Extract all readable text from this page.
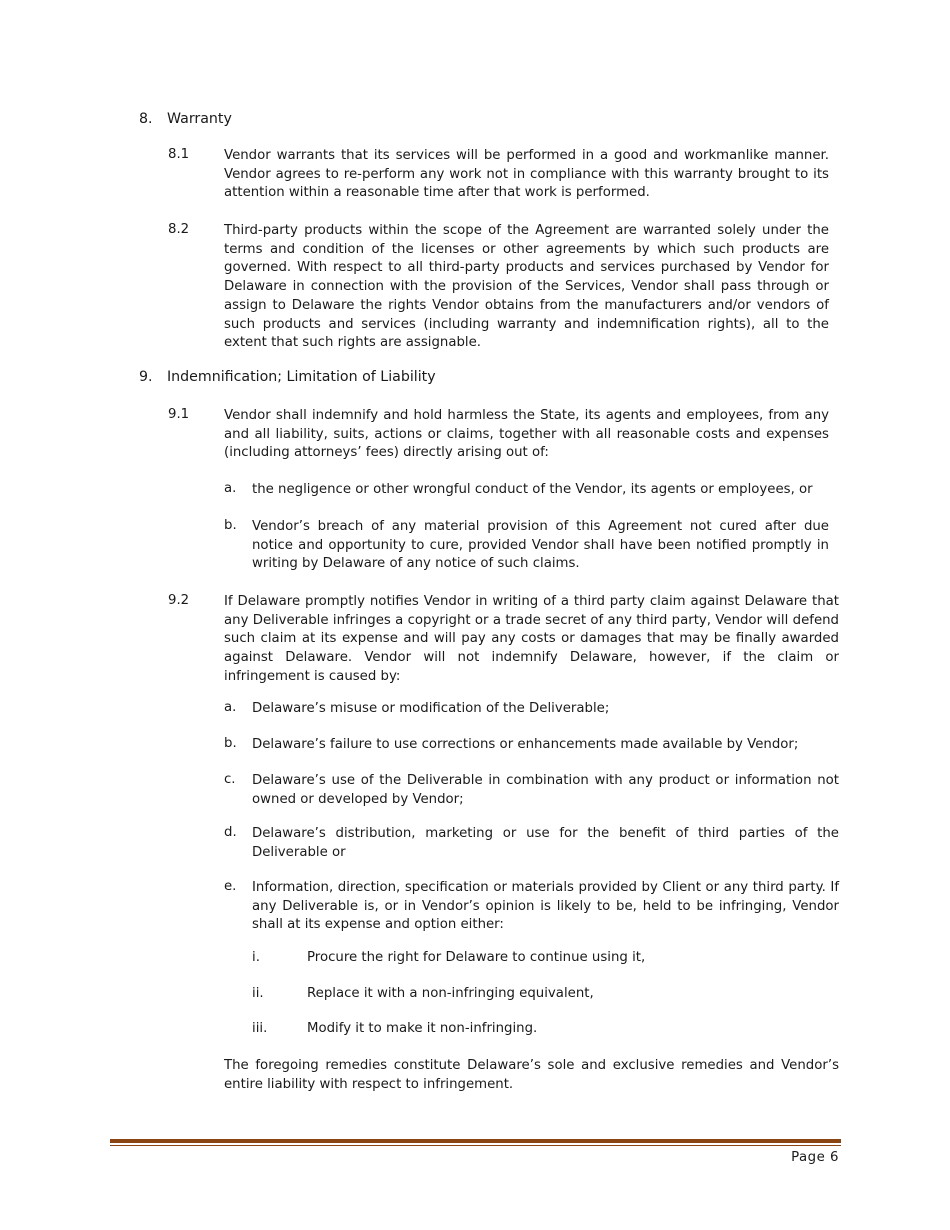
8. Warranty
8.1	Vendor warrants that its services will be performed in a good and workmanlike manner. Vendor agrees to re-perform any work not in compliance with this warranty brought to its attention within a reasonable time after that work is performed.
8.2	Third-party products within the scope of the Agreement are warranted solely under the terms and condition of the licenses or other agreements by which such products are governed. With respect to all third-party products and services purchased by Vendor for Delaware in connection with the provision of the Services, Vendor shall pass through or assign to Delaware the rights Vendor obtains from the manufacturers and/or vendors of such products and services (including warranty and indemnification rights), all to the extent that such rights are assignable.
9. Indemnification; Limitation of Liability
9.1	Vendor shall indemnify and hold harmless the State, its agents and employees, from any and all liability, suits, actions or claims, together with all reasonable costs and expenses (including attorneys’ fees) directly arising out of:
a. the negligence or other wrongful conduct of the Vendor, its agents or employees, or
b. Vendor’s breach of any material provision of this Agreement not cured after due notice and opportunity to cure, provided Vendor shall have been notified promptly in writing by Delaware of any notice of such claims.
9.2	If Delaware promptly notifies Vendor in writing of a third party claim against Delaware that any Deliverable infringes a copyright or a trade secret of any third party, Vendor will defend such claim at its expense and will pay any costs or damages that may be finally awarded against Delaware. Vendor will not indemnify Delaware, however, if the claim or infringement is caused by:
a. Delaware’s misuse or modification of the Deliverable;
b. Delaware’s failure to use corrections or enhancements made available by Vendor;
c. Delaware’s use of the Deliverable in combination with any product or information not owned or developed by Vendor;
d. Delaware’s distribution, marketing or use for the benefit of third parties of the Deliverable or
e. Information, direction, specification or materials provided by Client or any third party. If any Deliverable is, or in Vendor’s opinion is likely to be, held to be infringing, Vendor shall at its expense and option either:
i.	Procure the right for Delaware to continue using it,
ii.	Replace it with a non-infringing equivalent,
iii.	Modify it to make it non-infringing.
The foregoing remedies constitute Delaware’s sole and exclusive remedies and Vendor’s entire liability with respect to infringement.
Page 6
